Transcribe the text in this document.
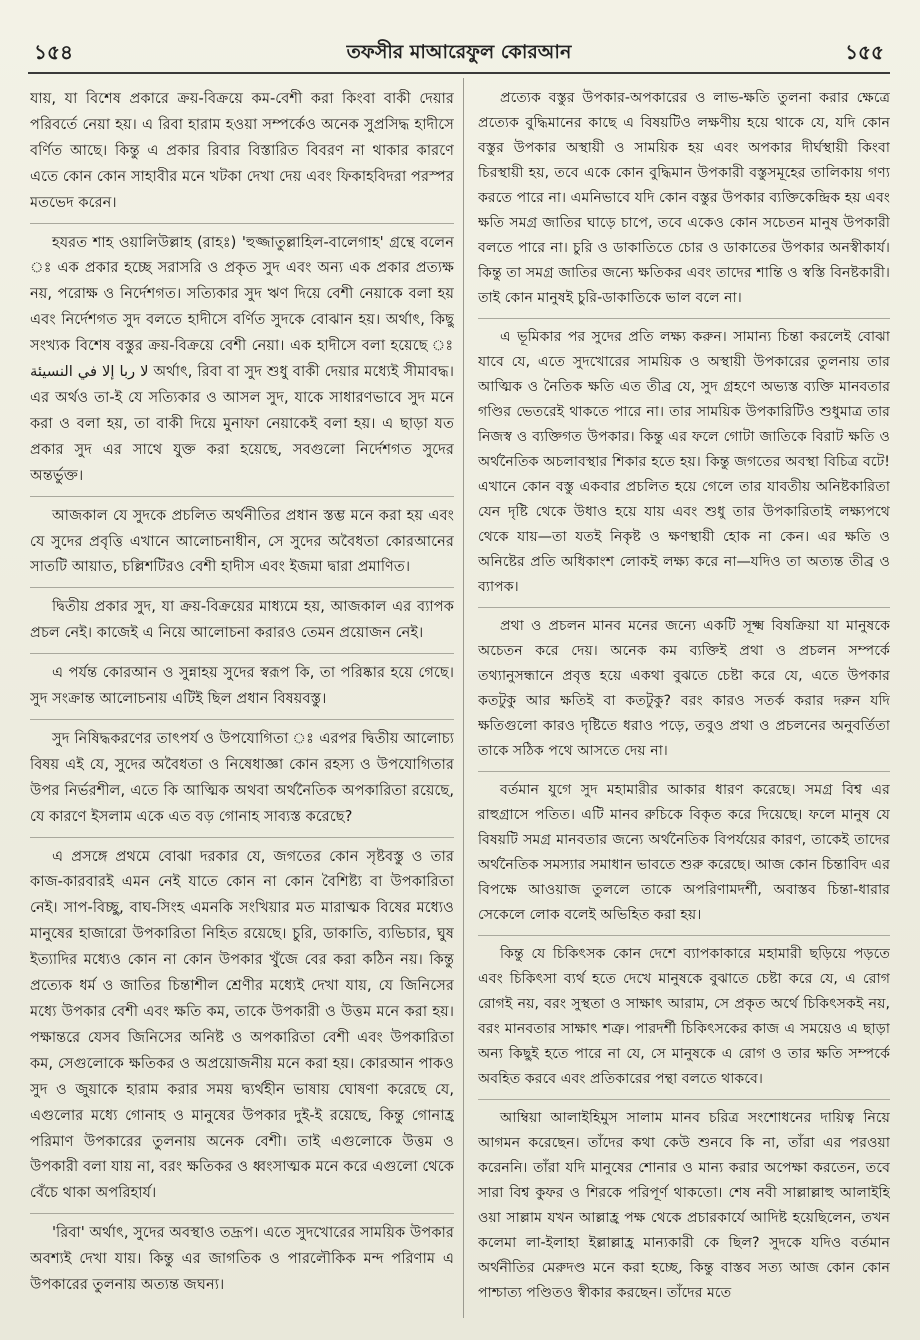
১৫৪	তফসীর মাআরেফুল কোরআন	১৫৫

যায়, যা বিশেষ প্রকারে ক্রয়-বিক্রয়ে কম-বেশী করা কিংবা বাকী দেয়ার পরিবর্তে নেয়া হয়। এ রিবা হারাম হওয়া সম্পর্কেও অনেক সুপ্রসিদ্ধ হাদীসে বর্ণিত আছে। কিন্তু এ প্রকার রিবার বিস্তারিত বিবরণ না থাকার কারণে এতে কোন কোন সাহাবীর মনে খটকা দেখা দেয় এবং ফিকাহবিদরা পরস্পর মতভেদ করেন।

হযরত শাহ ওয়ালিউল্লাহ (রাহঃ) 'হুজ্জাতুল্লাহিল-বালেগাহ' গ্রন্থে বলেন ঃ এক প্রকার হচ্ছে সরাসরি ও প্রকৃত সুদ এবং অন্য এক প্রকার প্রত্যক্ষ নয়, পরোক্ষ ও নির্দেশগত। সত্যিকার সুদ ঋণ দিয়ে বেশী নেয়াকে বলা হয় এবং নির্দেশগত সুদ বলতে হাদীসে বর্ণিত সুদকে বোঝান হয়। অর্থাৎ, কিছু সংখ্যক বিশেষ বস্তুর ক্রয়-বিক্রয়ে বেশী নেয়া। এক হাদীসে বলা হয়েছে ঃ لا ربا إلا في النسيئة অর্থাৎ, রিবা বা সুদ শুধু বাকী দেয়ার মধ্যেই সীমাবদ্ধ। এর অর্থও তা-ই যে সত্যিকার ও আসল সুদ, যাকে সাধারণভাবে সুদ মনে করা ও বলা হয়, তা বাকী দিয়ে মুনাফা নেয়াকেই বলা হয়। এ ছাড়া যত প্রকার সুদ এর সাথে যুক্ত করা হয়েছে, সবগুলো নির্দেশগত সুদের অন্তর্ভুক্ত।

আজকাল যে সুদকে প্রচলিত অর্থনীতির প্রধান স্তম্ভ মনে করা হয় এবং যে সুদের প্রবৃত্তি এখানে আলোচনাধীন, সে সুদের অবৈধতা কোরআনের সাতটি আয়াত, চল্লিশটিরও বেশী হাদীস এবং ইজমা দ্বারা প্রমাণিত।

দ্বিতীয় প্রকার সুদ, যা ক্রয়-বিক্রয়ের মাধ্যমে হয়, আজকাল এর ব্যাপক প্রচল নেই। কাজেই এ নিয়ে আলোচনা করারও তেমন প্রয়োজন নেই।

এ পর্যন্ত কোরআন ও সুন্নাহয় সুদের স্বরূপ কি, তা পরিষ্কার হয়ে গেছে। সুদ সংক্রান্ত আলোচনায় এটিই ছিল প্রধান বিষয়বস্তু।

সুদ নিষিদ্ধকরণের তাৎপর্য ও উপযোগিতা ঃ এরপর দ্বিতীয় আলোচ্য বিষয় এই যে, সুদের অবৈধতা ও নিষেধাজ্ঞা কোন রহস্য ও উপযোগিতার উপর নির্ভরশীল, এতে কি আত্মিক অথবা অর্থনৈতিক অপকারিতা রয়েছে, যে কারণে ইসলাম একে এত বড় গোনাহ সাব্যস্ত করেছে?

এ প্রসঙ্গে প্রথমে বোঝা দরকার যে, জগতের কোন সৃষ্টবস্তু ও তার কাজ-কারবারই এমন নেই যাতে কোন না কোন বৈশিষ্ট্য বা উপকারিতা নেই। সাপ-বিচ্ছু, বাঘ-সিংহ এমনকি সংখিয়ার মত মারাত্মক বিষের মধ্যেও মানুষের হাজারো উপকারিতা নিহিত রয়েছে। চুরি, ডাকাতি, ব্যভিচার, ঘুষ ইত্যাদির মধ্যেও কোন না কোন উপকার খুঁজে বের করা কঠিন নয়। কিন্তু প্রত্যেক ধর্ম ও জাতির চিন্তাশীল শ্রেণীর মধ্যেই দেখা যায়, যে জিনিসের মধ্যে উপকার বেশী এবং ক্ষতি কম, তাকে উপকারী ও উত্তম মনে করা হয়। পক্ষান্তরে যেসব জিনিসের অনিষ্ট ও অপকারিতা বেশী এবং উপকারিতা কম, সেগুলোকে ক্ষতিকর ও অপ্রয়োজনীয় মনে করা হয়। কোরআন পাকও সুদ ও জুয়াকে হারাম করার সময় দ্ব্যর্থহীন ভাষায় ঘোষণা করেছে যে, এগুলোর মধ্যে গোনাহ ও মানুষের উপকার দুই-ই রয়েছে, কিন্তু গোনাহ্র পরিমাণ উপকারের তুলনায় অনেক বেশী। তাই এগুলোকে উত্তম ও উপকারী বলা যায় না, বরং ক্ষতিকর ও ধ্বংসাত্মক মনে করে এগুলো থেকে বেঁচে থাকা অপরিহার্য।

'রিবা' অর্থাৎ, সুদের অবস্থাও তদ্রূপ। এতে সুদখোরের সাময়িক উপকার অবশ্যই দেখা যায়। কিন্তু এর জাগতিক ও পারলৌকিক মন্দ পরিণাম এ উপকারের তুলনায় অত্যন্ত জঘন্য।

প্রত্যেক বস্তুর উপকার-অপকারের ও লাভ-ক্ষতি তুলনা করার ক্ষেত্রে প্রত্যেক বুদ্ধিমানের কাছে এ বিষয়টিও লক্ষণীয় হয়ে থাকে যে, যদি কোন বস্তুর উপকার অস্থায়ী ও সাময়িক হয় এবং অপকার দীর্ঘস্থায়ী কিংবা চিরস্থায়ী হয়, তবে একে কোন বুদ্ধিমান উপকারী বস্তুসমূহের তালিকায় গণ্য করতে পারে না। এমনিভাবে যদি কোন বস্তুর উপকার ব্যক্তিকেন্দ্রিক হয় এবং ক্ষতি সমগ্র জাতির ঘাড়ে চাপে, তবে একেও কোন সচেতন মানুষ উপকারী বলতে পারে না। চুরি ও ডাকাতিতে চোর ও ডাকাতের উপকার অনস্বীকার্য। কিন্তু তা সমগ্র জাতির জন্যে ক্ষতিকর এবং তাদের শান্তি ও স্বস্তি বিনষ্টকারী। তাই কোন মানুষই চুরি-ডাকাতিকে ভাল বলে না।

এ ভূমিকার পর সুদের প্রতি লক্ষ্য করুন। সামান্য চিন্তা করলেই বোঝা যাবে যে, এতে সুদখোরের সাময়িক ও অস্থায়ী উপকারের তুলনায় তার আত্মিক ও নৈতিক ক্ষতি এত তীব্র যে, সুদ গ্রহণে অভ্যস্ত ব্যক্তি মানবতার গণ্ডির ভেতরেই থাকতে পারে না। তার সাময়িক উপকারিটিও শুধুমাত্র তার নিজস্ব ও ব্যক্তিগত উপকার। কিন্তু এর ফলে গোটা জাতিকে বিরাট ক্ষতি ও অর্থনৈতিক অচলাবস্থার শিকার হতে হয়। কিন্তু জগতের অবস্থা বিচিত্র বটে! এখানে কোন বস্তু একবার প্রচলিত হয়ে গেলে তার যাবতীয় অনিষ্টকারিতা যেন দৃষ্টি থেকে উধাও হয়ে যায় এবং শুধু তার উপকারিতাই লক্ষ্যপথে থেকে যায়—তা যতই নিকৃষ্ট ও ক্ষণস্থায়ী হোক না কেন। এর ক্ষতি ও অনিষ্টের প্রতি অধিকাংশ লোকই লক্ষ্য করে না—যদিও তা অত্যন্ত তীব্র ও ব্যাপক।

প্রথা ও প্রচলন মানব মনের জন্যে একটি সূক্ষ্ম বিষক্রিয়া যা মানুষকে অচেতন করে দেয়। অনেক কম ব্যক্তিই প্রথা ও প্রচলন সম্পর্কে তথ্যানুসন্ধানে প্রবৃত্ত হয়ে একথা বুঝতে চেষ্টা করে যে, এতে উপকার কতটুকু আর ক্ষতিই বা কতটুকু? বরং কারও সতর্ক করার দরুন যদি ক্ষতিগুলো কারও দৃষ্টিতে ধরাও পড়ে, তবুও প্রথা ও প্রচলনের অনুবর্তিতা তাকে সঠিক পথে আসতে দেয় না।

বর্তমান যুগে সুদ মহামারীর আকার ধারণ করেছে। সমগ্র বিশ্ব এর রাহুগ্রাসে পতিত। এটি মানব রুচিকে বিকৃত করে দিয়েছে। ফলে মানুষ যে বিষয়টি সমগ্র মানবতার জন্যে অর্থনৈতিক বিপর্যয়ের কারণ, তাকেই তাদের অর্থনৈতিক সমস্যার সমাধান ভাবতে শুরু করেছে। আজ কোন চিন্তাবিদ এর বিপক্ষে আওয়াজ তুললে তাকে অপরিণামদর্শী, অবাস্তব চিন্তা-ধারার সেকেলে লোক বলেই অভিহিত করা হয়।

কিন্তু যে চিকিৎসক কোন দেশে ব্যাপকাকারে মহামারী ছড়িয়ে পড়তে এবং চিকিৎসা ব্যর্থ হতে দেখে মানুষকে বুঝাতে চেষ্টা করে যে, এ রোগ রোগই নয়, বরং সুস্থতা ও সাক্ষাৎ আরাম, সে প্রকৃত অর্থে চিকিৎসকই নয়, বরং মানবতার সাক্ষাৎ শত্রু। পারদর্শী চিকিৎসকের কাজ এ সময়েও এ ছাড়া অন্য কিছুই হতে পারে না যে, সে মানুষকে এ রোগ ও তার ক্ষতি সম্পর্কে অবহিত করবে এবং প্রতিকারের পন্থা বলতে থাকবে।

আম্বিয়া আলাইহিমুস সালাম মানব চরিত্র সংশোধনের দায়িত্ব নিয়ে আগমন করেছেন। তাঁদের কথা কেউ শুনবে কি না, তাঁরা এর পরওয়া করেননি। তাঁরা যদি মানুষের শোনার ও মান্য করার অপেক্ষা করতেন, তবে সারা বিশ্ব কুফর ও শিরকে পরিপূর্ণ থাকতো। শেষ নবী সাল্লাল্লাহু আলাইহি ওয়া সাল্লাম যখন আল্লাহ্র পক্ষ থেকে প্রচারকার্যে আদিষ্ট হয়েছিলেন, তখন কলেমা লা-ইলাহা ইল্লাল্লাহ্র মান্যকারী কে ছিল? সুদকে যদিও বর্তমান অর্থনীতির মেরুদণ্ড মনে করা হচ্ছে, কিন্তু বাস্তব সত্য আজ কোন কোন পাশ্চাত্য পণ্ডিতও স্বীকার করছেন। তাঁদের মতে
